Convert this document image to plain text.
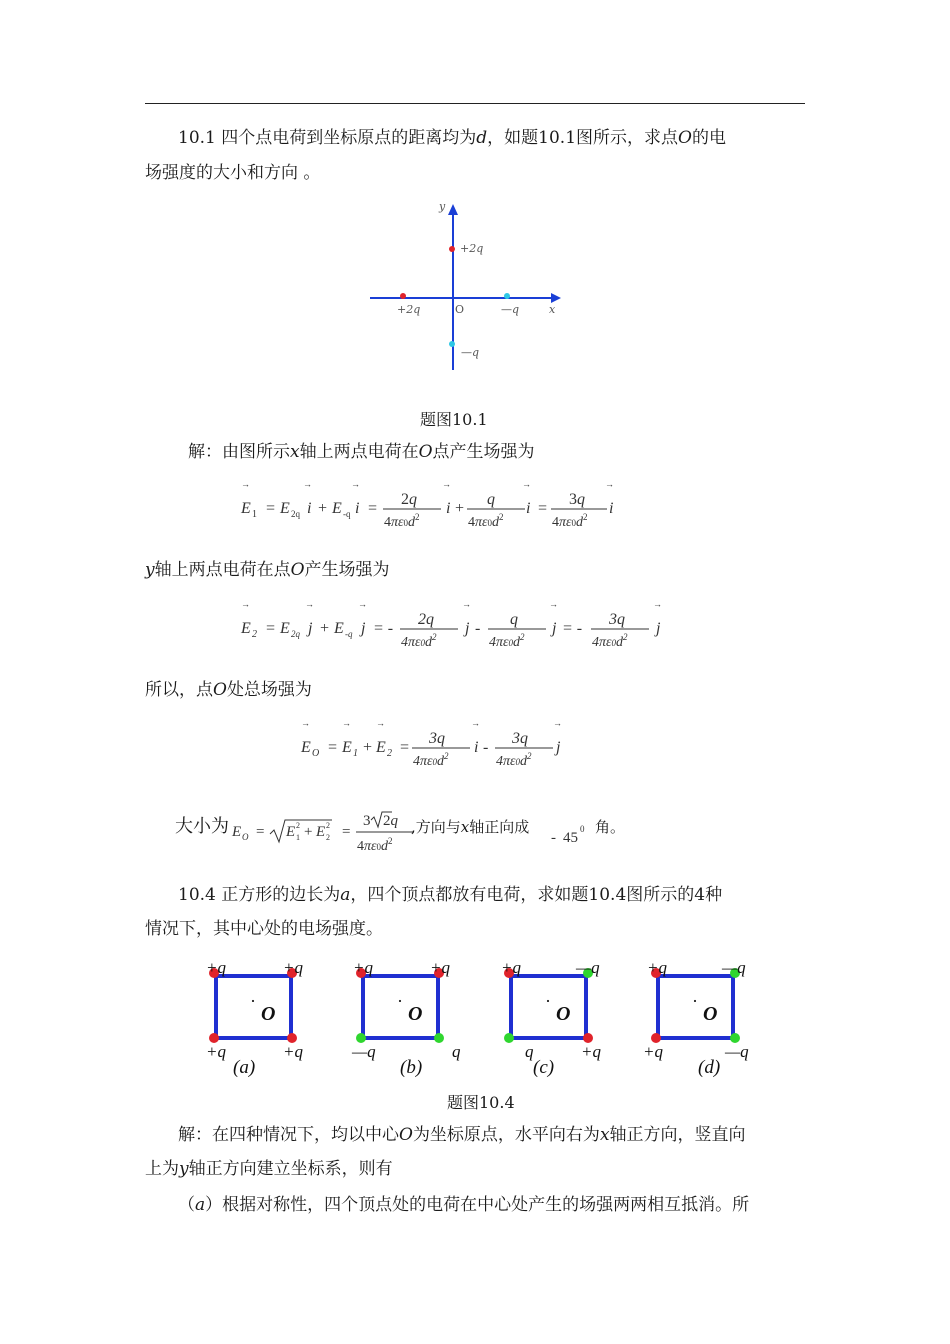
10.1 四个点电荷到坐标原点的距离均为d，如题10.1图所示，求点O的电

场强度的大小和方向 。

y
x
O
+2q
+2q	—q
—q
题图10.1

解：由图所示x轴上两点电荷在O点产生场强为

→
E 1 = E 2q
→
i + E -q
→
i =
2q
$4\pi\varepsilon 0d^2$
→
i +
q
$4\pi\varepsilon 0d^2$
→
i =
3q
$4\pi\varepsilon 0d^2$
→
i

y轴上两点电荷在点O产生场强为

→
E 2 = E 2q
→
j + E -q
→
j = -
2q
$4\pi\varepsilon 0d^2$
→
j -
q
$4\pi\varepsilon 0d^2$
→
j = -
3q
$4\pi\varepsilon 0d^2$
→
j

所以，点O处总场强为

→
E O =
→
E 1 +
→
E 2 =
3q
$4\pi\varepsilon 0d^2$
→
i -
3q
$4\pi\varepsilon 0d^2$
→
j
大小为 E O = E 2
1 + E 2
2 =
3 2q
$4\pi\varepsilon 0d^2$
,方向与x轴正向成
- 45
0 角。

10.4 正方形的边长为a，四个顶点都放有电荷，求如题10.4图所示的4种

情况下，其中心处的电场强度。

+q	+q
+q	+q
·
O
(a)
+q	+q
—q	q
·
O
(b)
+q	—q
q	+q
·
O
(c)
+q	—q
+q	—q
·
O
(d)
题图10.4

解：在四种情况下，均以中心O为坐标原点，水平向右为x轴正方向，竖直向

上为y轴正方向建立坐标系，则有

（a）根据对称性，四个顶点处的电荷在中心处产生的场强两两相互抵消。所
